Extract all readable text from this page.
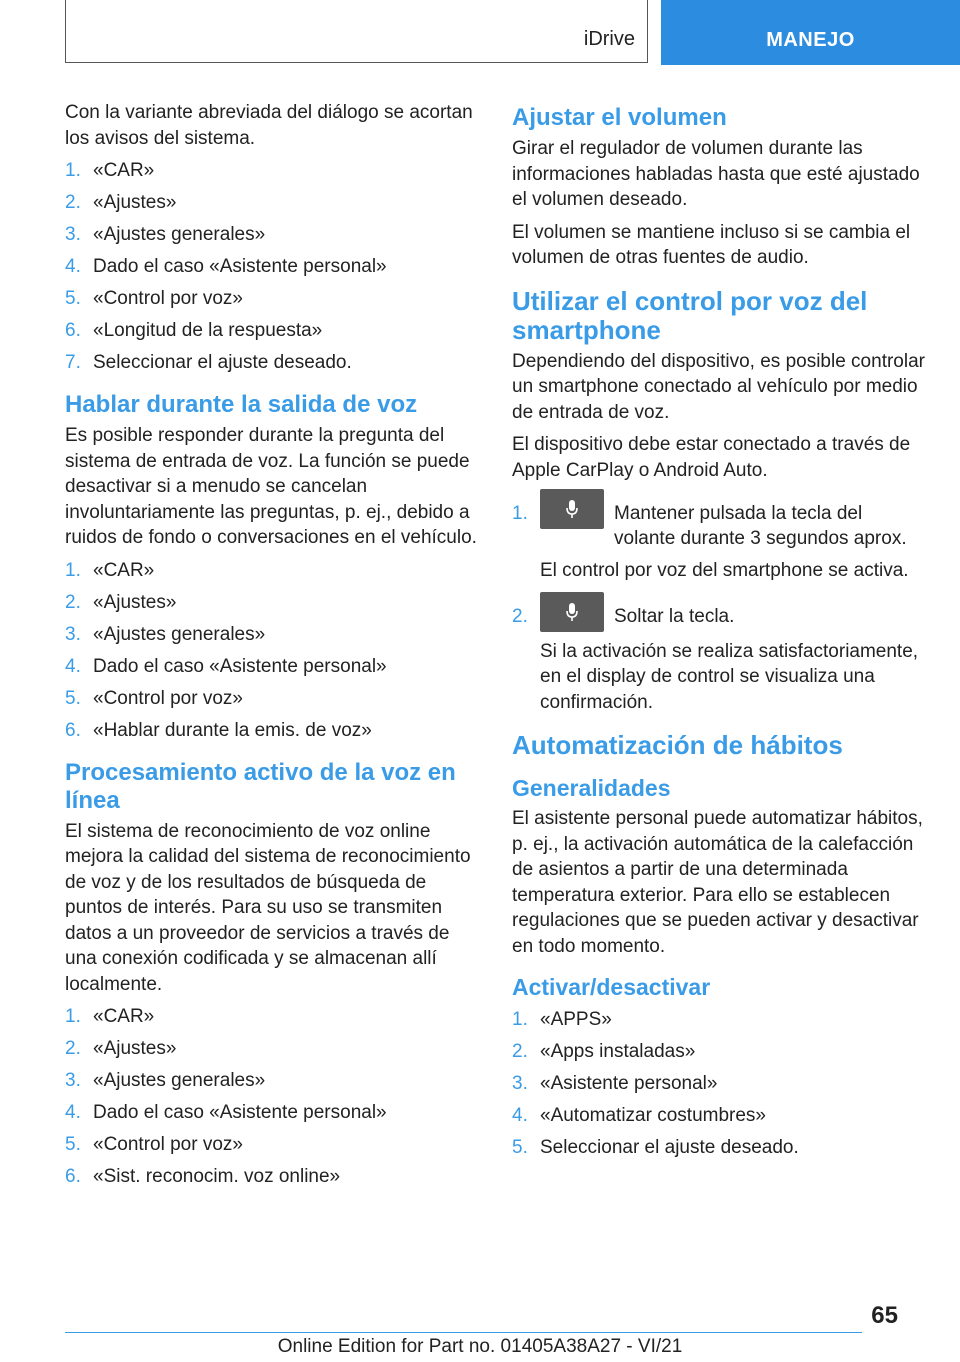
iDrive	MANEJO

Con la variante abreviada del diálogo se acortan los avisos del sistema.

1. «CAR»
2. «Ajustes»
3. «Ajustes generales»
4. Dado el caso «Asistente personal»
5. «Control por voz»
6. «Longitud de la respuesta»
7. Seleccionar el ajuste deseado.
Hablar durante la salida de voz

Es posible responder durante la pregunta del sistema de entrada de voz. La función se puede desactivar si a menudo se cancelan involuntariamente las preguntas, p. ej., debido a ruidos de fondo o conversaciones en el vehículo.

1. «CAR»
2. «Ajustes»
3. «Ajustes generales»
4. Dado el caso «Asistente personal»
5. «Control por voz»
6. «Hablar durante la emis. de voz»
Procesamiento activo de la voz en línea

El sistema de reconocimiento de voz online mejora la calidad del sistema de reconocimiento de voz y de los resultados de búsqueda de puntos de interés. Para su uso se transmiten datos a un proveedor de servicios a través de una conexión codificada y se almacenan allí localmente.

1. «CAR»
2. «Ajustes»
3. «Ajustes generales»
4. Dado el caso «Asistente personal»
5. «Control por voz»
6. «Sist. reconocim. voz online»
Ajustar el volumen

Girar el regulador de volumen durante las informaciones habladas hasta que esté ajustado el volumen deseado.

El volumen se mantiene incluso si se cambia el volumen de otras fuentes de audio.

Utilizar el control por voz del smartphone

Dependiendo del dispositivo, es posible controlar un smartphone conectado al vehículo por medio de entrada de voz.

El dispositivo debe estar conectado a través de Apple CarPlay o Android Auto.

1.	Mantener pulsada la tecla del volante durante 3 segundos aprox.
El control por voz del smartphone se activa.
2.	Soltar la tecla.
Si la activación se realiza satisfactoriamente, en el display de control se visualiza una confirmación.
Automatización de hábitos
Generalidades

El asistente personal puede automatizar hábitos, p. ej., la activación automática de la calefacción de asientos a partir de una determinada temperatura exterior. Para ello se establecen regulaciones que se pueden activar y desactivar en todo momento.

Activar/desactivar
1. «APPS»
2. «Apps instaladas»
3. «Asistente personal»
4. «Automatizar costumbres»
5. Seleccionar el ajuste deseado.
65
Online Edition for Part no. 01405A38A27 - VI/21
